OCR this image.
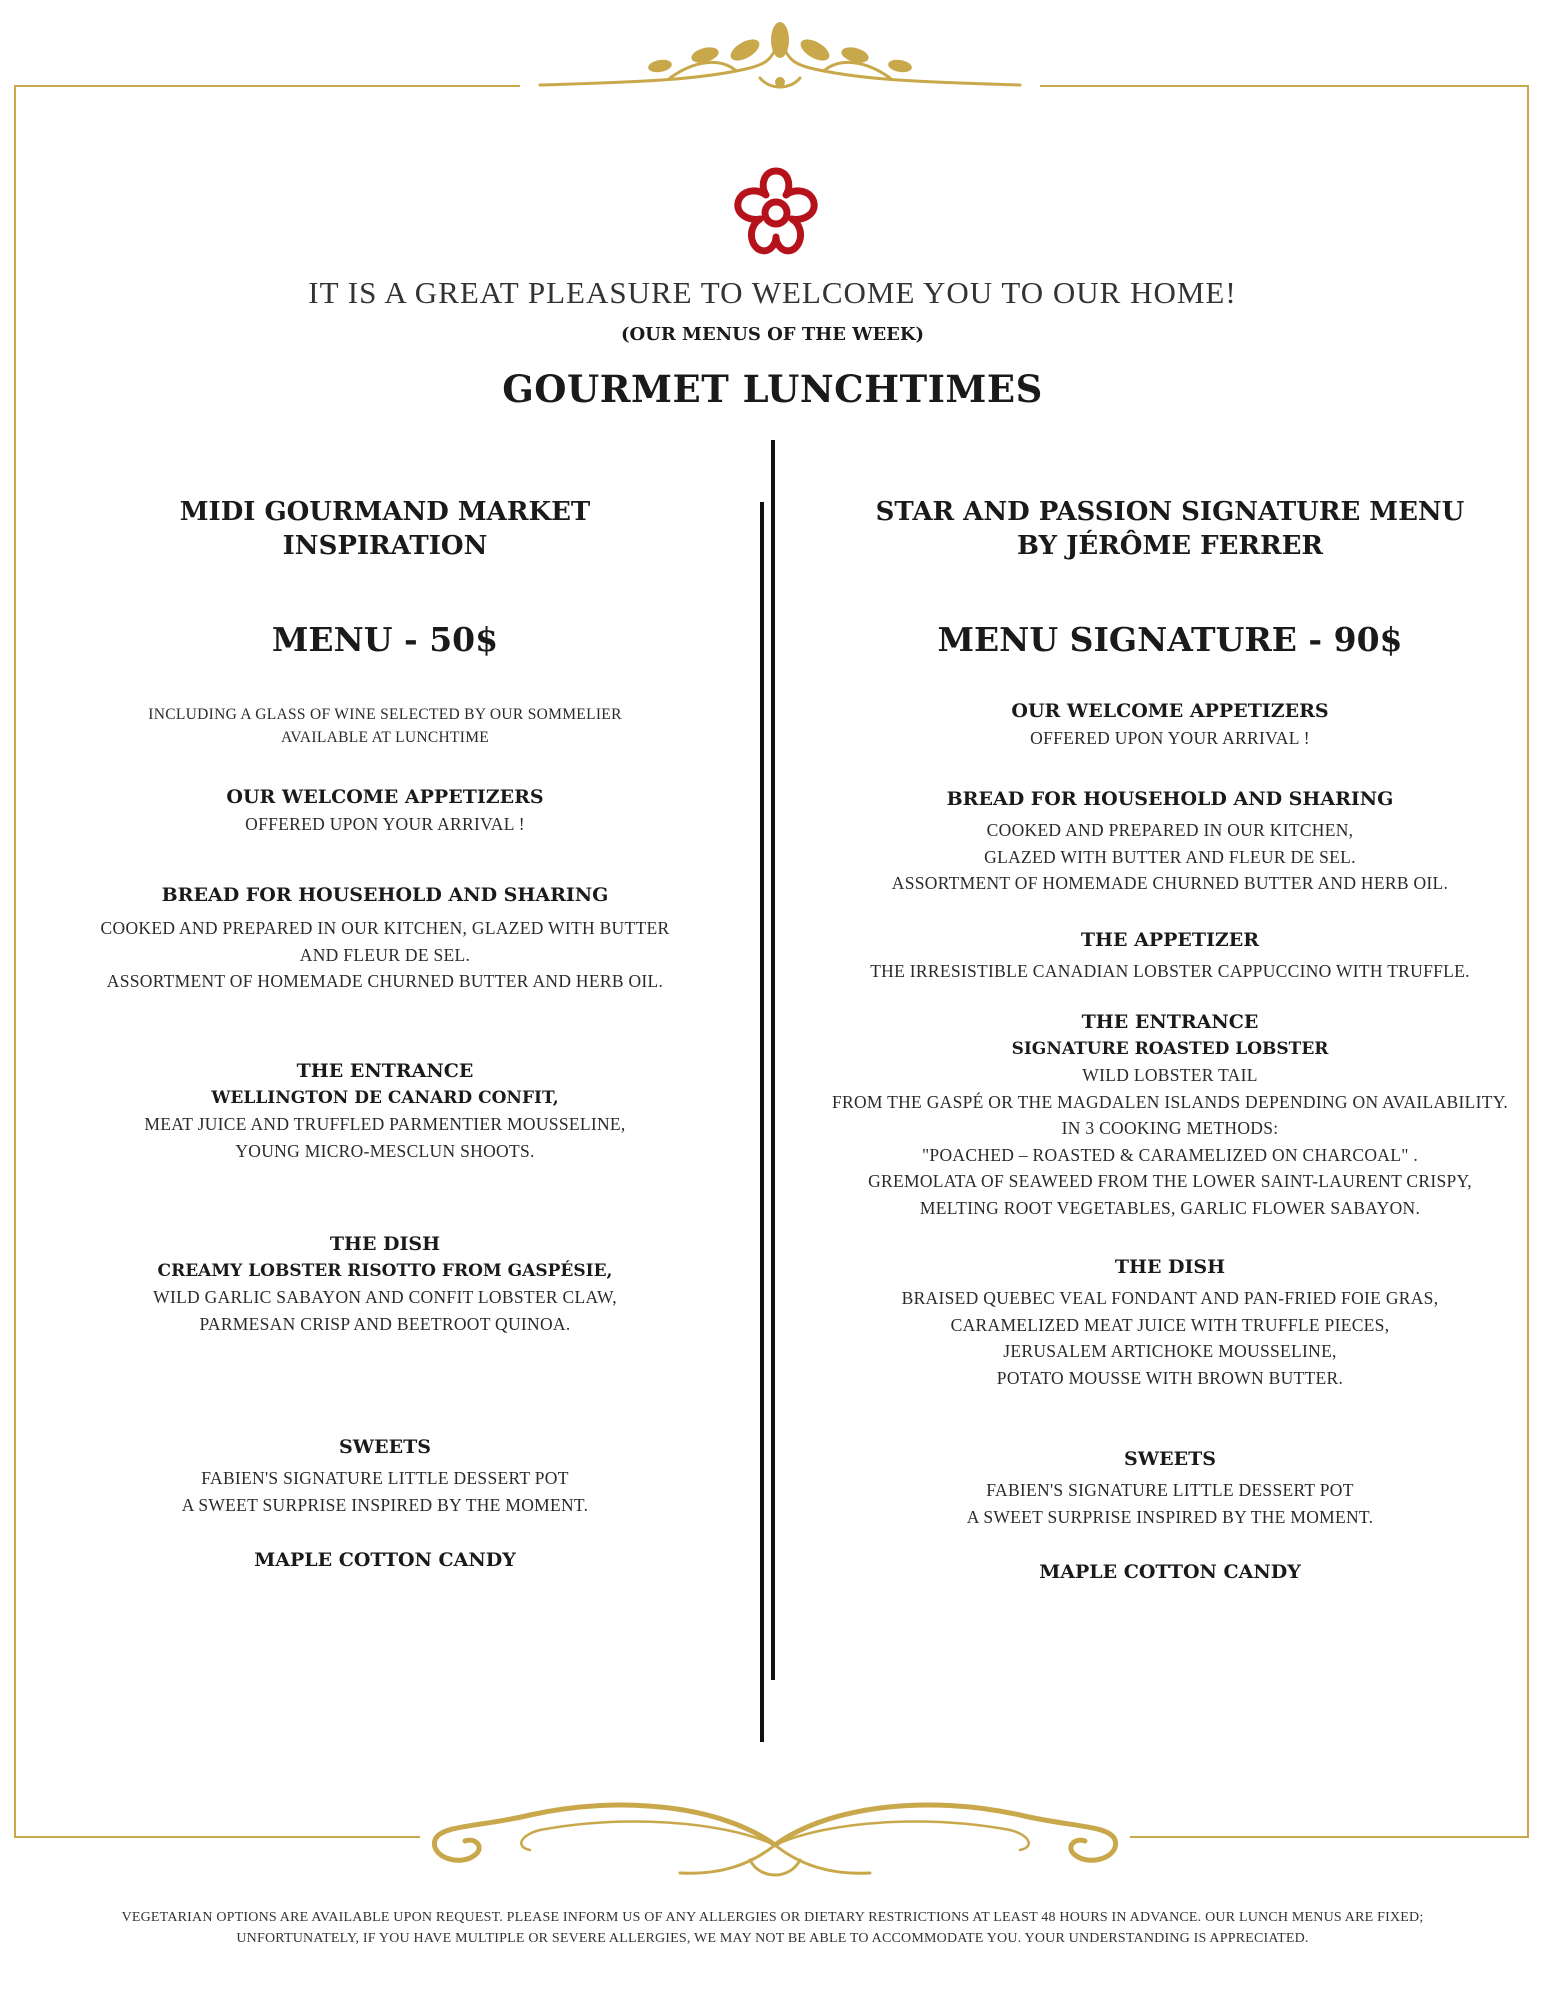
IT IS A GREAT PLEASURE TO WELCOME YOU TO OUR HOME!
(OUR MENUS OF THE WEEK)
GOURMET LUNCHTIMES
MIDI GOURMAND MARKET
INSPIRATION
MENU - 50$
INCLUDING A GLASS OF WINE SELECTED BY OUR SOMMELIER
AVAILABLE AT LUNCHTIME
OUR WELCOME APPETIZERS
OFFERED UPON YOUR ARRIVAL !
BREAD FOR HOUSEHOLD AND SHARING
COOKED AND PREPARED IN OUR KITCHEN, GLAZED WITH BUTTER
AND FLEUR DE SEL.
ASSORTMENT OF HOMEMADE CHURNED BUTTER AND HERB OIL.
THE ENTRANCE
WELLINGTON DE CANARD CONFIT,
MEAT JUICE AND TRUFFLED PARMENTIER MOUSSELINE,
YOUNG MICRO-MESCLUN SHOOTS.
THE DISH
CREAMY LOBSTER RISOTTO FROM GASPÉSIE,
WILD GARLIC SABAYON AND CONFIT LOBSTER CLAW,
PARMESAN CRISP AND BEETROOT QUINOA.
SWEETS
FABIEN'S SIGNATURE LITTLE DESSERT POT
A SWEET SURPRISE INSPIRED BY THE MOMENT.
MAPLE COTTON CANDY
STAR AND PASSION SIGNATURE MENU
BY JÉRÔME FERRER
MENU SIGNATURE - 90$
OUR WELCOME APPETIZERS
OFFERED UPON YOUR ARRIVAL !
BREAD FOR HOUSEHOLD AND SHARING
COOKED AND PREPARED IN OUR KITCHEN,
GLAZED WITH BUTTER AND FLEUR DE SEL.
ASSORTMENT OF HOMEMADE CHURNED BUTTER AND HERB OIL.
THE APPETIZER
THE IRRESISTIBLE CANADIAN LOBSTER CAPPUCCINO WITH TRUFFLE.
THE ENTRANCE
SIGNATURE ROASTED LOBSTER
WILD LOBSTER TAIL
FROM THE GASPÉ OR THE MAGDALEN ISLANDS DEPENDING ON AVAILABILITY.
IN 3 COOKING METHODS:
"POACHED – ROASTED & CARAMELIZED ON CHARCOAL" .
GREMOLATA OF SEAWEED FROM THE LOWER SAINT-LAURENT CRISPY,
MELTING ROOT VEGETABLES, GARLIC FLOWER SABAYON.
THE DISH
BRAISED QUEBEC VEAL FONDANT AND PAN-FRIED FOIE GRAS,
CARAMELIZED MEAT JUICE WITH TRUFFLE PIECES,
JERUSALEM ARTICHOKE MOUSSELINE,
POTATO MOUSSE WITH BROWN BUTTER.
SWEETS
FABIEN'S SIGNATURE LITTLE DESSERT POT
A SWEET SURPRISE INSPIRED BY THE MOMENT.
MAPLE COTTON CANDY
VEGETARIAN OPTIONS ARE AVAILABLE UPON REQUEST. PLEASE INFORM US OF ANY ALLERGIES OR DIETARY RESTRICTIONS AT LEAST 48 HOURS IN ADVANCE. OUR LUNCH MENUS ARE FIXED;
UNFORTUNATELY, IF YOU HAVE MULTIPLE OR SEVERE ALLERGIES, WE MAY NOT BE ABLE TO ACCOMMODATE YOU. YOUR UNDERSTANDING IS APPRECIATED.
